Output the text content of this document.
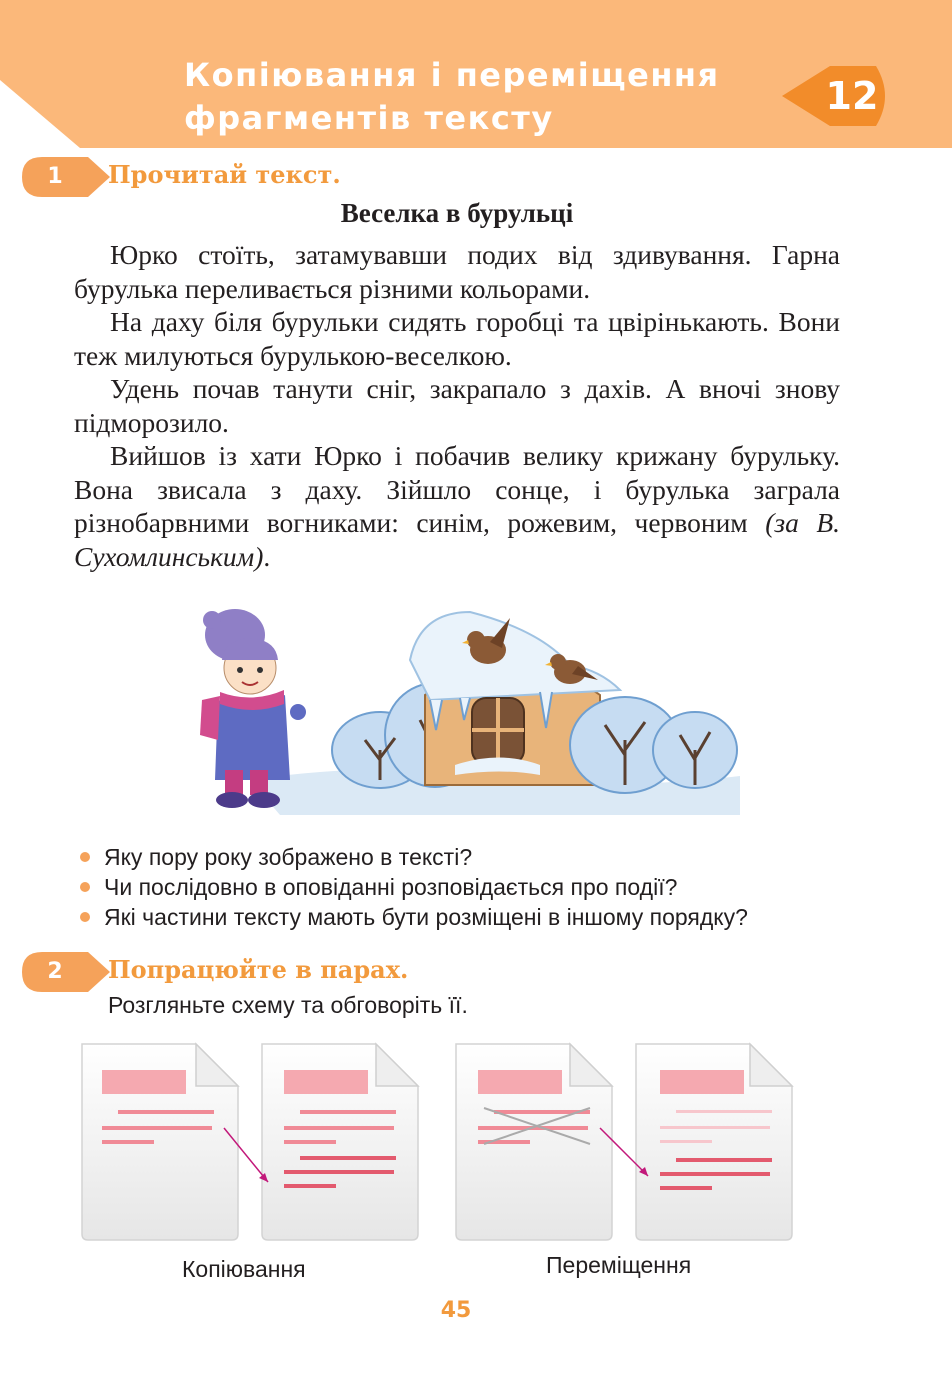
Копіювання і переміщення
фрагментів тексту	12
1	Прочитай текст.
Веселка в бурульці

Юрко стоїть, затамувавши подих від здивування. Гарна бурулька переливається різними кольорами.

На даху біля бурульки сидять горобці та цвірінькають. Вони теж милуються бурулькою-веселкою.

Удень почав танути сніг, закрапало з дахів. А вночі знову підморозило.

Вийшов із хати Юрко і побачив велику крижану бурульку. Вона звисала з даху. Зійшло сонце, і бурулька заграла різнобарвними вогниками: синім, рожевим, червоним (за В. Сухомлинським).

Яку пору року зображено в тексті?
Чи послідовно в оповіданні розповідається про події?
Які частини тексту мають бути розміщені в іншому порядку?
2	Попрацюйте в парах.

Розгляньте схему та обговоріть її.

Копіювання	Переміщення
45
